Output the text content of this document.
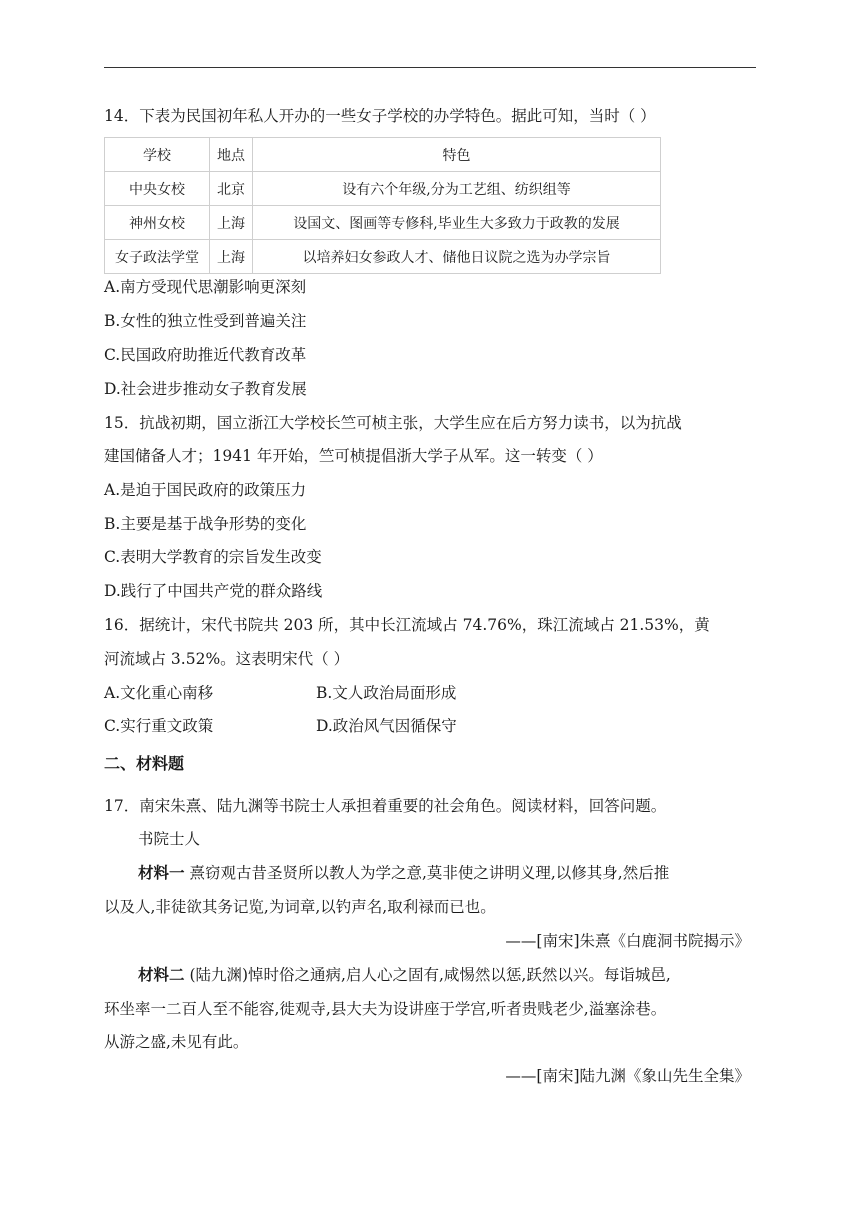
14．下表为民国初年私人开办的一些女子学校的办学特色。据此可知，当时（ ）
学校	地点	特色
中央女校	北京	设有六个年级,分为工艺组、纺织组等
神州女校	上海	设国文、图画等专修科,毕业生大多致力于政教的发展
女子政法学堂	上海	以培养妇女参政人才、储他日议院之选为办学宗旨
A.南方受现代思潮影响更深刻
B.女性的独立性受到普遍关注
C.民国政府助推近代教育改革
D.社会进步推动女子教育发展
15．抗战初期，国立浙江大学校长竺可桢主张，大学生应在后方努力读书，以为抗战
建国储备人才；1941 年开始，竺可桢提倡浙大学子从军。这一转变（ ）
A.是迫于国民政府的政策压力
B.主要是基于战争形势的变化
C.表明大学教育的宗旨发生改变
D.践行了中国共产党的群众路线
16．据统计，宋代书院共 203 所，其中长江流域占 74.76%，珠江流域占 21.53%，黄
河流域占 3.52%。这表明宋代（ ）
A.文化重心南移	B.文人政治局面形成
C.实行重文政策	D.政治风气因循保守
二、材料题
17．南宋朱熹、陆九渊等书院士人承担着重要的社会角色。阅读材料，回答问题。
书院士人
材料一 熹窃观古昔圣贤所以教人为学之意,莫非使之讲明义理,以修其身,然后推
以及人,非徒欲其务记览,为词章,以钓声名,取利禄而已也。
——[南宋]朱熹《白鹿洞书院揭示》
材料二 (陆九渊)悼时俗之通病,启人心之固有,咸惕然以惩,跃然以兴。每诣城邑,
环坐率一二百人至不能容,徙观寺,县大夫为设讲座于学宫,听者贵贱老少,溢塞涂巷。
从游之盛,未见有此。
——[南宋]陆九渊《象山先生全集》
